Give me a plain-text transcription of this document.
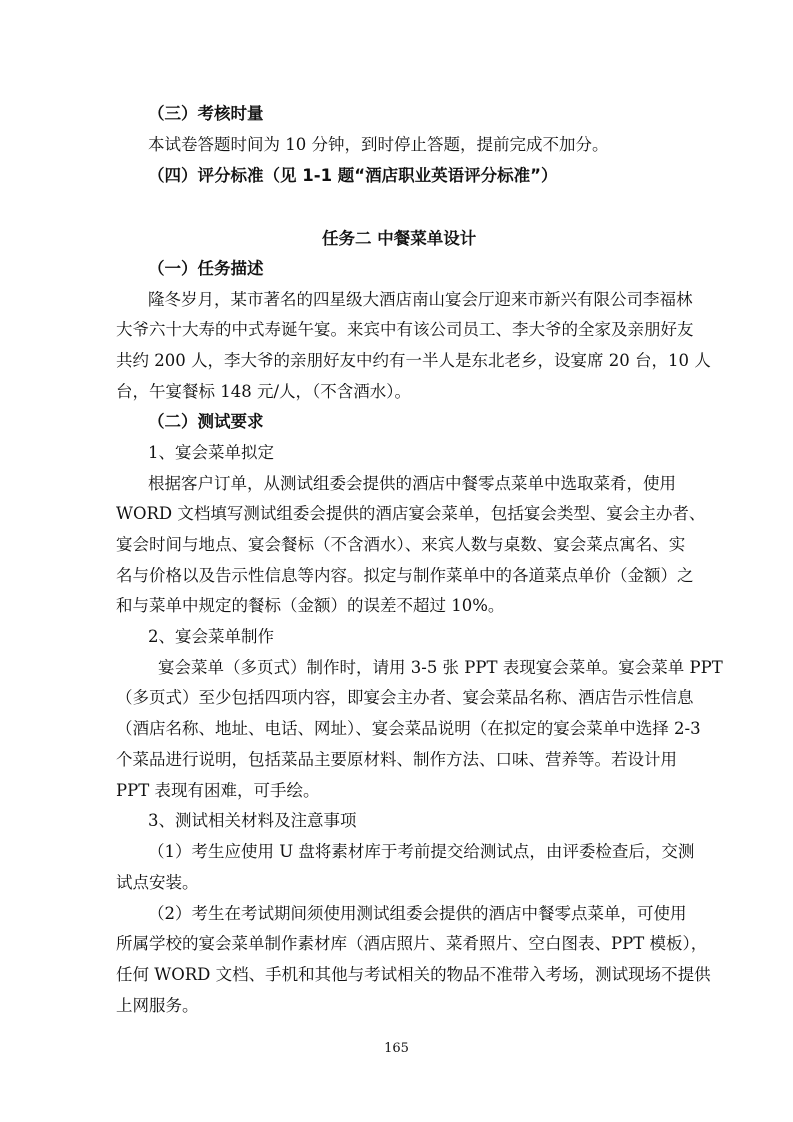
（三）考核时量
本试卷答题时间为 10 分钟，到时停止答题，提前完成不加分。
（四）评分标准（见 1-1 题“酒店职业英语评分标准”）
任务二 中餐菜单设计
（一）任务描述
隆冬岁月，某市著名的四星级大酒店南山宴会厅迎来市新兴有限公司李福林
大爷六十大寿的中式寿诞午宴。来宾中有该公司员工、李大爷的全家及亲朋好友
共约 200 人，李大爷的亲朋好友中约有一半人是东北老乡，设宴席 20 台，10 人
台，午宴餐标 148 元/人，（不含酒水）。
（二）测试要求
1、宴会菜单拟定
根据客户订单，从测试组委会提供的酒店中餐零点菜单中选取菜肴，使用
WORD 文档填写测试组委会提供的酒店宴会菜单，包括宴会类型、宴会主办者、
宴会时间与地点、宴会餐标（不含酒水）、来宾人数与桌数、宴会菜点寓名、实
名与价格以及告示性信息等内容。拟定与制作菜单中的各道菜点单价（金额）之
和与菜单中规定的餐标（金额）的误差不超过 10%。
2、宴会菜单制作
宴会菜单（多页式）制作时，请用 3-5 张 PPT 表现宴会菜单。宴会菜单 PPT
（多页式）至少包括四项内容，即宴会主办者、宴会菜品名称、酒店告示性信息
（酒店名称、地址、电话、网址）、宴会菜品说明（在拟定的宴会菜单中选择 2-3
个菜品进行说明，包括菜品主要原材料、制作方法、口味、营养等。若设计用
PPT 表现有困难，可手绘。
3、测试相关材料及注意事项
（1）考生应使用 U 盘将素材库于考前提交给测试点，由评委检查后，交测
试点安装。
（2）考生在考试期间须使用测试组委会提供的酒店中餐零点菜单，可使用
所属学校的宴会菜单制作素材库（酒店照片、菜肴照片、空白图表、PPT 模板），
任何 WORD 文档、手机和其他与考试相关的物品不准带入考场，测试现场不提供
上网服务。
165
